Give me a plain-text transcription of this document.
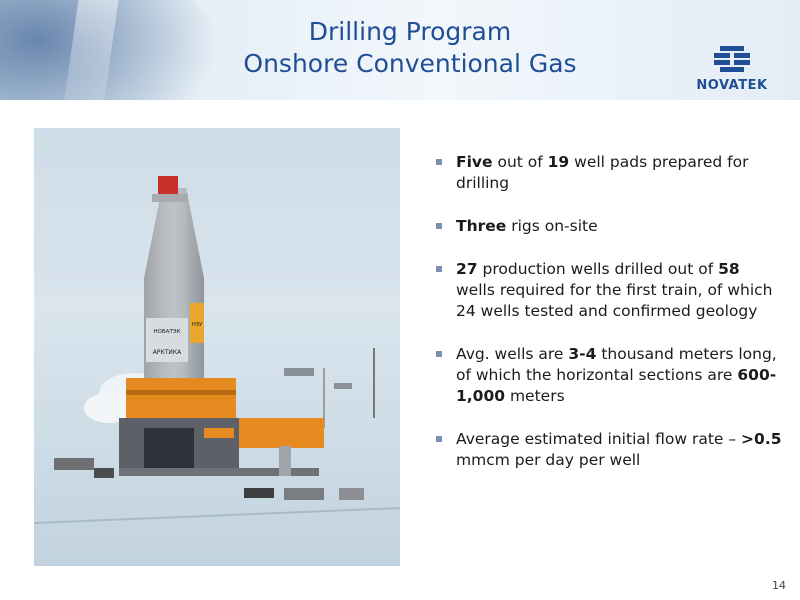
Drilling Program
Onshore Conventional Gas
NOVATEK
НОВАТЭК
АРКТИКА
НЗУ
Five out of 19 well pads prepared for drilling
Three rigs on-site
27 production wells drilled out of 58 wells required for the first train, of which 24 wells tested and confirmed geology
Avg. wells are 3-4 thousand meters long, of which the horizontal sections are 600-1,000 meters
Average estimated initial flow rate – >0.5 mmcm per day per well
14
